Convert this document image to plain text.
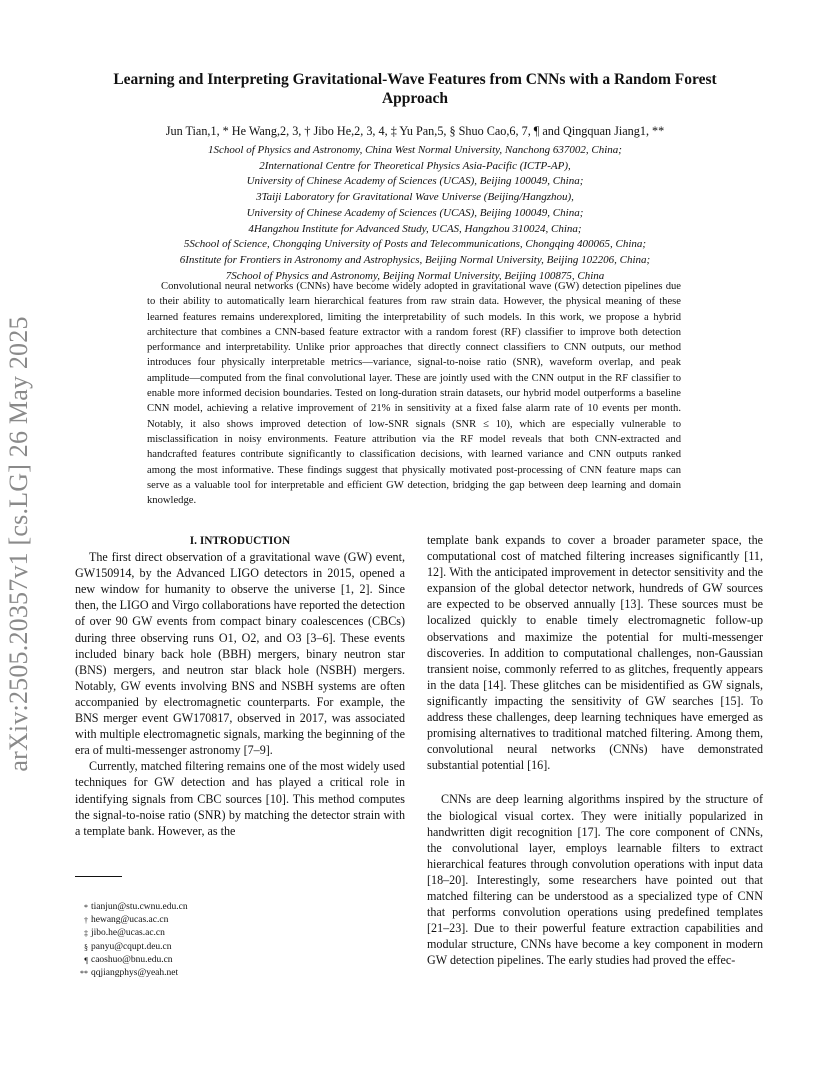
arXiv:2505.20357v1 [cs.LG] 26 May 2025
Learning and Interpreting Gravitational-Wave Features from CNNs with a Random Forest Approach
Jun Tian,1, * He Wang,2, 3, † Jibo He,2, 3, 4, ‡ Yu Pan,5, § Shuo Cao,6, 7, ¶ and Qingquan Jiang1, **
1School of Physics and Astronomy, China West Normal University, Nanchong 637002, China;
2International Centre for Theoretical Physics Asia-Pacific (ICTP-AP),
University of Chinese Academy of Sciences (UCAS), Beijing 100049, China;
3Taiji Laboratory for Gravitational Wave Universe (Beijing/Hangzhou),
University of Chinese Academy of Sciences (UCAS), Beijing 100049, China;
4Hangzhou Institute for Advanced Study, UCAS, Hangzhou 310024, China;
5School of Science, Chongqing University of Posts and Telecommunications, Chongqing 400065, China;
6Institute for Frontiers in Astronomy and Astrophysics, Beijing Normal University, Beijing 102206, China;
7School of Physics and Astronomy, Beijing Normal University, Beijing 100875, China
Convolutional neural networks (CNNs) have become widely adopted in gravitational wave (GW) detection pipelines due to their ability to automatically learn hierarchical features from raw strain data. However, the physical meaning of these learned features remains underexplored, limiting the interpretability of such models. In this work, we propose a hybrid architecture that combines a CNN-based feature extractor with a random forest (RF) classifier to improve both detection performance and interpretability. Unlike prior approaches that directly connect classifiers to CNN outputs, our method introduces four physically interpretable metrics—variance, signal-to-noise ratio (SNR), waveform overlap, and peak amplitude—computed from the final convolutional layer. These are jointly used with the CNN output in the RF classifier to enable more informed decision boundaries. Tested on long-duration strain datasets, our hybrid model outperforms a baseline CNN model, achieving a relative improvement of 21% in sensitivity at a fixed false alarm rate of 10 events per month. Notably, it also shows improved detection of low-SNR signals (SNR ≤ 10), which are especially vulnerable to misclassification in noisy environments. Feature attribution via the RF model reveals that both CNN-extracted and handcrafted features contribute significantly to classification decisions, with learned variance and CNN outputs ranked among the most informative. These findings suggest that physically motivated post-processing of CNN feature maps can serve as a valuable tool for interpretable and efficient GW detection, bridging the gap between deep learning and domain knowledge.

I. INTRODUCTION

The first direct observation of a gravitational wave (GW) event, GW150914, by the Advanced LIGO detectors in 2015, opened a new window for humanity to observe the universe [1, 2]. Since then, the LIGO and Virgo collaborations have reported the detection of over 90 GW events from compact binary coalescences (CBCs) during three observing runs O1, O2, and O3 [3–6]. These events included binary back hole (BBH) mergers, binary neutron star (BNS) mergers, and neutron star black hole (NSBH) mergers. Notably, GW events involving BNS and NSBH systems are often accompanied by electromagnetic counterparts. For example, the BNS merger event GW170817, observed in 2017, was associated with multiple electromagnetic signals, marking the beginning of the era of multi-messenger astronomy [7–9].

Currently, matched filtering remains one of the most widely used techniques for GW detection and has played a critical role in identifying signals from CBC sources [10]. This method computes the signal-to-noise ratio (SNR) by matching the detector strain with a template bank. However, as the

template bank expands to cover a broader parameter space, the computational cost of matched filtering increases significantly [11, 12]. With the anticipated improvement in detector sensitivity and the expansion of the global detector network, hundreds of GW sources are expected to be observed annually [13]. These sources must be localized quickly to enable timely electromagnetic follow-up observations and maximize the potential for multi-messenger discoveries. In addition to computational challenges, non-Gaussian transient noise, commonly referred to as glitches, frequently appears in the data [14]. These glitches can be misidentified as GW signals, significantly impacting the sensitivity of GW searches [15]. To address these challenges, deep learning techniques have emerged as promising alternatives to traditional matched filtering. Among them, convolutional neural networks (CNNs) have demonstrated substantial potential [16].

CNNs are deep learning algorithms inspired by the structure of the biological visual cortex. They were initially popularized in handwritten digit recognition [17]. The core component of CNNs, the convolutional layer, employs learnable filters to extract hierarchical features through convolution operations with input data [18–20]. Interestingly, some researchers have pointed out that matched filtering can be understood as a specialized type of CNN that performs convolution operations using predefined templates [21–23]. Due to their powerful feature extraction capabilities and modular structure, CNNs have become a key component in modern GW detection pipelines. The early studies had proved the effec-

* tianjun@stu.cwnu.edu.cn
† hewang@ucas.ac.cn
‡ jibo.he@ucas.ac.cn
§ panyu@cqupt.deu.cn
¶ caoshuo@bnu.edu.cn
** qqjiangphys@yeah.net
